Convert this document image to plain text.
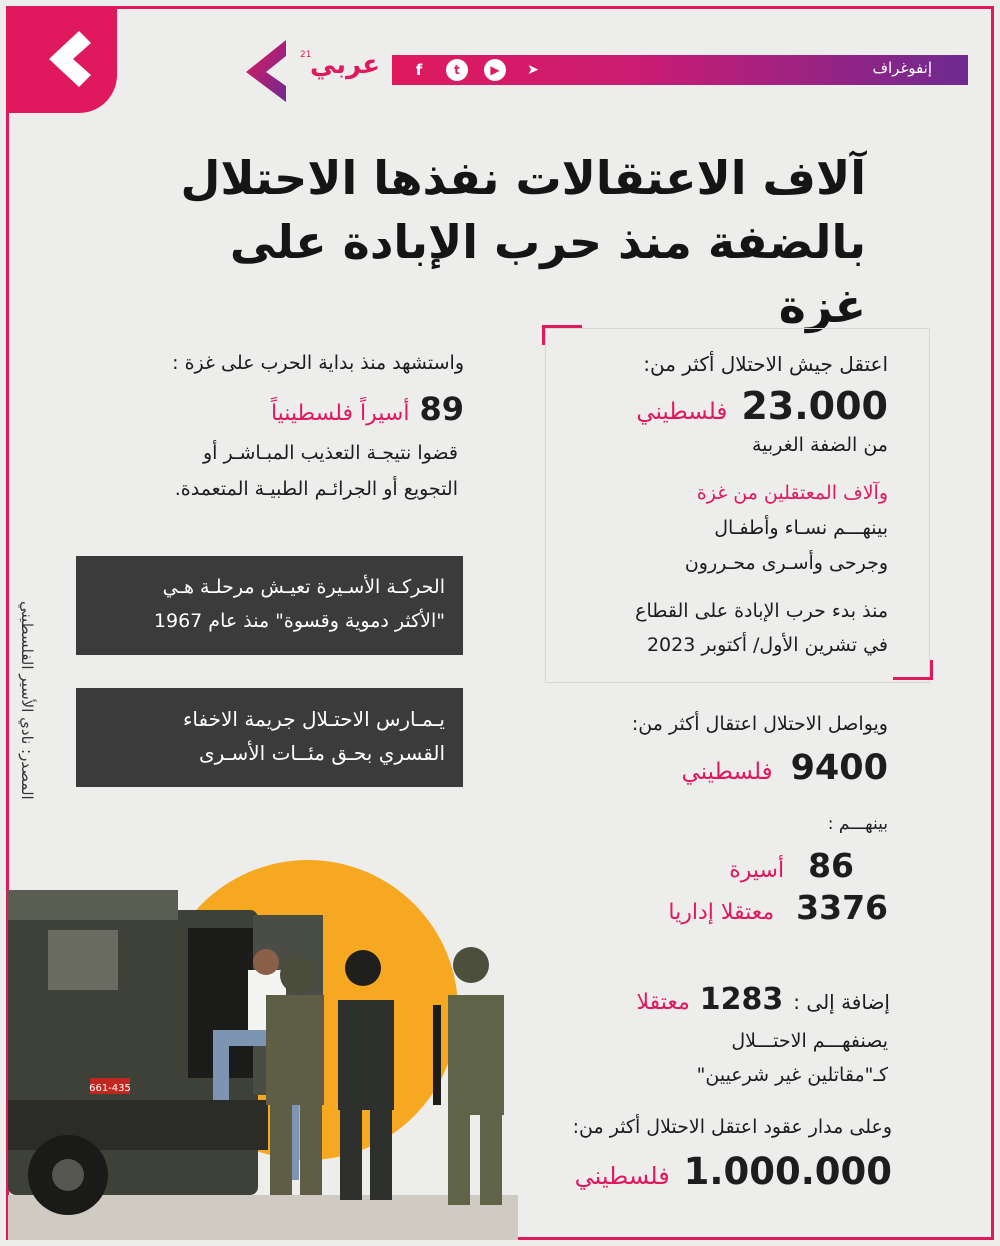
عربي
21
➤
▶
t
f	إنفوغراف
آلاف الاعتقالات نفذها الاحتلال
بالضفة منذ حرب الإبادة على غزة
اعتقل جيش الاحتلال أكثر من:
23.000
فلسطيني
من الضفة الغربية
وآلاف المعتقلين من غزة
بينهـــم نسـاء وأطفـال
وجرحى وأسـرى محـررون
منذ بدء حرب الإبادة على القطاع
في تشرين الأول/ أكتوبر 2023
ويواصل الاحتلال اعتقال أكثر من:
9400
فلسطيني
بينهـــم :
86
أسيرة
3376
معتقلا إداريا
إضافة إلى :
1283
معتقلا
يصنفهـــم الاحتـــلال
كـ"مقاتلين غير شرعيين"
وعلى مدار عقود اعتقل الاحتلال أكثر من:
1.000.000
فلسطيني
واستشهد منذ بداية الحرب على غزة :
89
أسيراً فلسطينياً
قضوا نتيجـة التعذيب المبـاشـر أو
التجويع أو الجرائـم الطبيـة المتعمدة.
الحركـة الأسـيرة تعيـش مرحلـة هـي
"الأكثر دموية وقسوة" منذ عام 1967
يـمـارس الاحتـلال جريمة الاخفاء
القسري بحـق مئــات الأسـرى
المصدر: نادي الأسير الفلسطيني
661-435
